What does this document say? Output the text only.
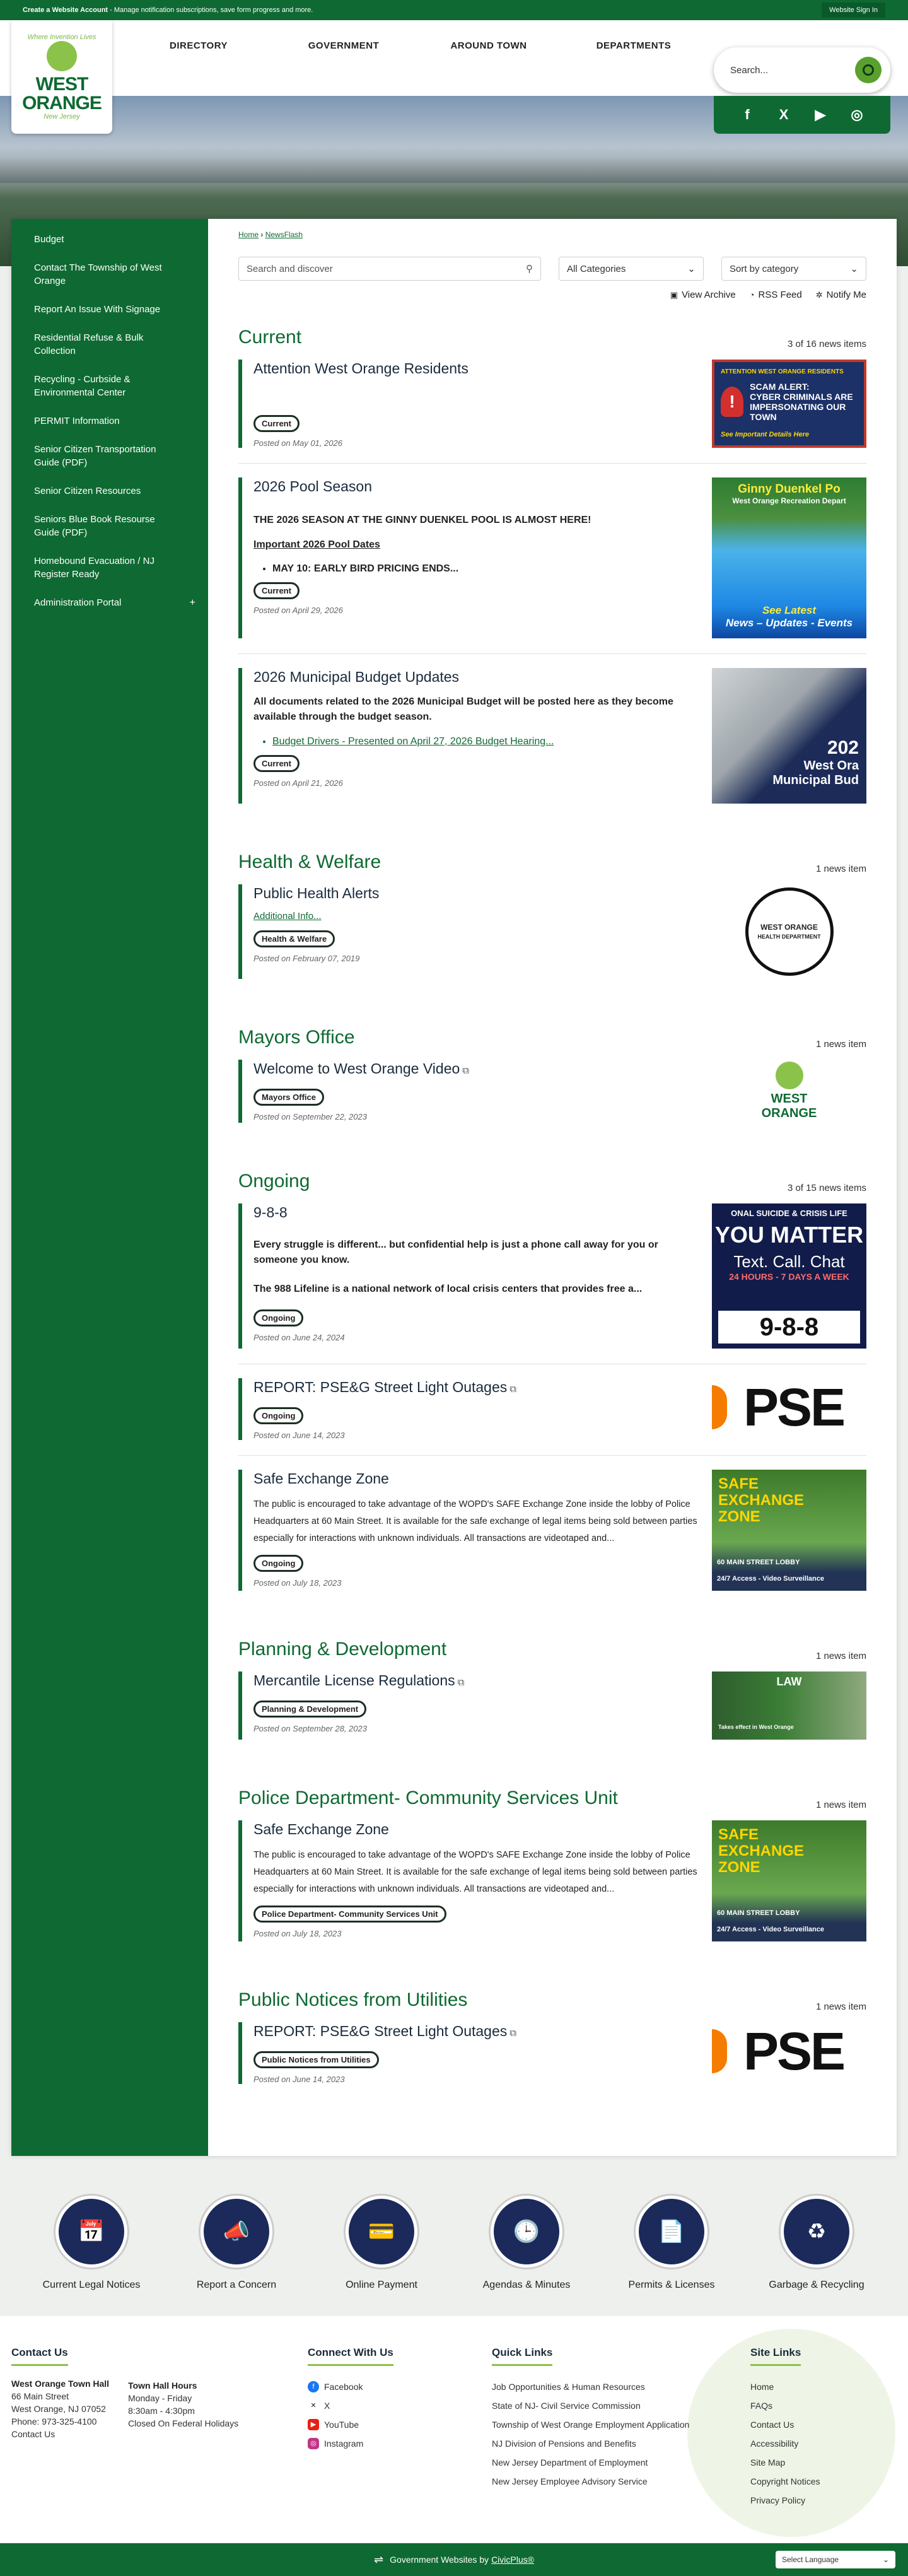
Create a Website Account - Manage notification subscriptions, save form progress and more.	Website Sign In
Where Invention Lives
WEST
ORANGE
New Jersey
DIRECTORY	GOVERNMENT	AROUND TOWN	DEPARTMENTS
Search...
f	X	▶ ◎
Budget
Contact The Township of West Orange
Report An Issue With Signage
Residential Refuse & Bulk Collection
Recycling - Curbside & Environmental Center
PERMIT Information
Senior Citizen Transportation Guide (PDF)
Senior Citizen Resources
Seniors Blue Book Resourse Guide (PDF)
Homebound Evacuation / NJ Register Ready
Administration Portal	+
Home › NewsFlash
Search and discover	⚲	All Categories	⌄	Sort by category	⌄
▣ View Archive ◔ RSS Feed ✲ Notify Me
Current	3 of 16 news items
Attention West Orange Residents
Current
Posted on May 01, 2026
ATTENTION WEST ORANGE RESIDENTS
!
SCAM ALERT:
CYBER CRIMINALS ARE
IMPERSONATING OUR TOWN
See Important Details Here
2026 Pool Season
THE 2026 SEASON AT THE GINNY DUENKEL POOL IS ALMOST HERE!
Important 2026 Pool Dates
• MAY 10: EARLY BIRD PRICING ENDS...
Current
Posted on April 29, 2026
Ginny Duenkel Po
West Orange Recreation Depart
See Latest
News – Updates - Events
2026 Municipal Budget Updates
All documents related to the 2026 Municipal Budget will be posted here as they become available through the budget season.
• Budget Drivers - Presented on April 27, 2026 Budget Hearing...
Current
Posted on April 21, 2026
202
West Ora
Municipal Bud
Health & Welfare	1 news item
Public Health Alerts
Additional Info...
Health & Welfare
Posted on February 07, 2019
WEST ORANGE
HEALTH DEPARTMENT
Mayors Office	1 news item
Welcome to West Orange Video ⧉
Mayors Office
Posted on September 22, 2023
WEST
ORANGE
Ongoing	3 of 15 news items
9-8-8
Every struggle is different... but confidential help is just a phone call away for you or someone you know.
The 988 Lifeline is a national network of local crisis centers that provides free a...
Ongoing
Posted on June 24, 2024
ONAL SUICIDE & CRISIS LIFE
YOU MATTER
Text. Call. Chat
24 HOURS - 7 DAYS A WEEK
9-8-8
REPORT: PSE&G Street Light Outages ⧉
Ongoing
Posted on June 14, 2023	PSE
Safe Exchange Zone
The public is encouraged to take advantage of the WOPD's SAFE Exchange Zone inside the lobby of Police Headquarters at 60 Main Street. It is available for the safe exchange of legal items being sold between parties especially for interactions with unknown individuals. All transactions are videotaped and...
Ongoing
Posted on July 18, 2023
SAFE
EXCHANGE
ZONE
60 MAIN STREET LOBBY
24/7 Access - Video Surveillance
Planning & Development	1 news item
Mercantile License Regulations ⧉
Planning & Development
Posted on September 28, 2023
LAW
Takes effect in West Orange
Police Department- Community Services Unit	1 news item
Safe Exchange Zone
The public is encouraged to take advantage of the WOPD's SAFE Exchange Zone inside the lobby of Police Headquarters at 60 Main Street. It is available for the safe exchange of legal items being sold between parties especially for interactions with unknown individuals. All transactions are videotaped and...
Police Department- Community Services Unit
Posted on July 18, 2023
SAFE
EXCHANGE
ZONE
60 MAIN STREET LOBBY
24/7 Access - Video Surveillance
Public Notices from Utilities	1 news item
REPORT: PSE&G Street Light Outages ⧉
Public Notices from Utilities
Posted on June 14, 2023	PSE
📅
Current Legal Notices
📣
Report a Concern
💳
Online Payment
🕒
Agendas & Minutes
📄
Permits & Licenses
♻
Garbage & Recycling
Contact Us
West Orange Town Hall

66 Main Street

West Orange, NJ 07052

Phone: 973-325-4100

Contact Us
Town Hall Hours

Monday - Friday

8:30am - 4:30pm

Closed On Federal Holidays

Connect With Us
f	Facebook
✕ X
▶ YouTube
◎ Instagram
Quick Links
Job Opportunities & Human Resources
State of NJ- Civil Service Commission
Township of West Orange Employment Application
NJ Division of Pensions and Benefits
New Jersey Department of Employment
New Jersey Employee Advisory Service
Site Links
Home
FAQs
Contact Us
Accessibility
Site Map
Copyright Notices
Privacy Policy
⇌ Government Websites by CivicPlus®	Select Language	⌄
